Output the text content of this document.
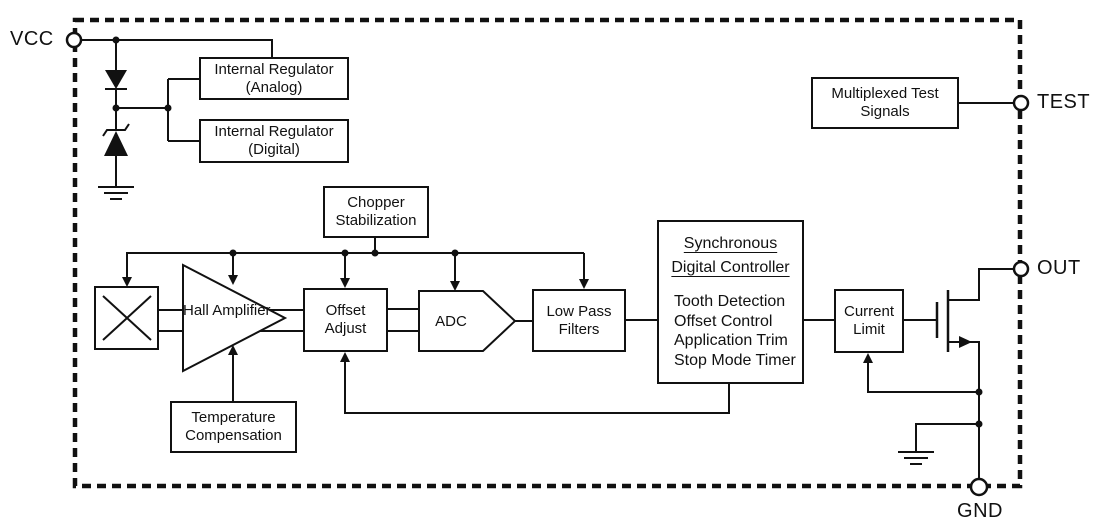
Internal Regulator
(Analog)
Internal Regulator
(Digital)
Multiplexed Test
Signals
Chopper
Stabilization
Hall Amplifier	Offset
Adjust	ADC
Low Pass
Filters
Synchronous
Digital Controller
Tooth Detection
Offset Control
Application Trim
Stop Mode Timer
Current
Limit
Temperature
Compensation
VCC
TEST
OUT
GND
